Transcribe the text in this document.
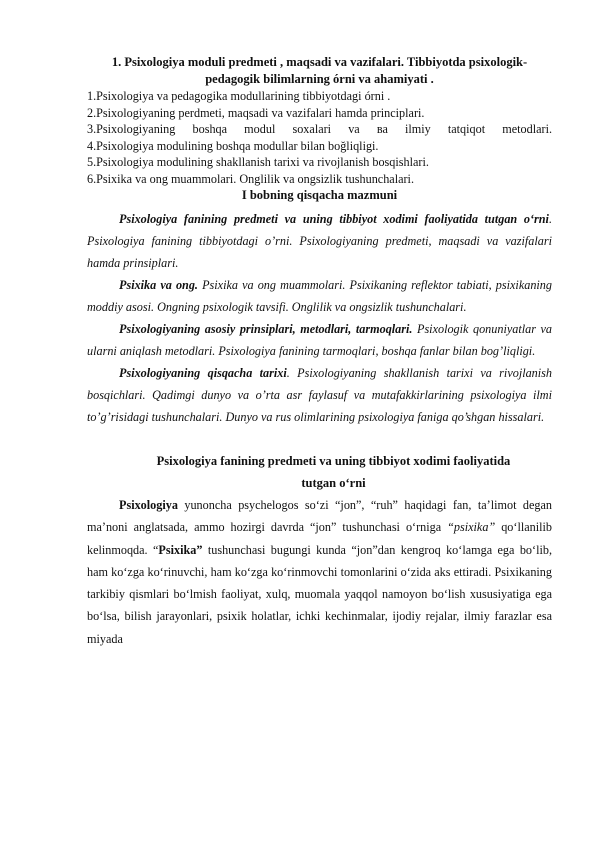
1. Psixologiya moduli predmeti , maqsadi va vazifalari. Tibbiyotda psixologik-
pedagogik bilimlarning órni va ahamiyati .

1.Psixologiya va pedagogika modullarining tibbiyotdagi órni .
2.Psixologiyaning perdmeti, maqsadi va vazifalari hamda principlari.
3.Psixologiyaning boshqa modul soxalari va ва ilmiy tatqiqot metodlari.
4.Psixologiya modulining boshqa modullar bilan boğliqligi.
5.Psixologiya modulining shakllanish tarixi va rivojlanish bosqishlari.
6.Psixika va ong muammolari. Onglilik va ongsizlik tushunchalari.

I bobning qisqacha mazmuni

Psixologiya fanining predmeti va uning tibbiyot xodimi faoliyatida tutgan o‘rni. Psixologiya fanining tibbiyotdagi o’rni. Psixologiyaning predmeti, maqsadi va vazifalari hamda prinsiplari.

Psixika va ong. Psixika va ong muammolari. Psixikaning reflektor tabiati, psixikaning moddiy asosi. Ongning psixologik tavsifi. Onglilik va ongsizlik tushunchalari.

Psixologiyaning asosiy prinsiplari, metodlari, tarmoqlari. Psixologik qonuniyatlar va ularni aniqlash metodlari. Psixologiya fanining tarmoqlari, boshqa fanlar bilan bog’liqligi.

Psixologiyaning qisqacha tarixi. Psixologiyaning shakllanish tarixi va rivojlanish bosqichlari. Qadimgi dunyo va o’rta asr faylasuf va mutafakkirlarining psixologiya ilmi to’g’risidagi tushunchalari. Dunyo va rus olimlarining psixologiya faniga qo’shgan hissalari.

Psixologiya fanining predmeti va uning tibbiyot xodimi faoliyatida
tutgan o‘rni

Psixologiya yunoncha psychelogos so‘zi “jon”, “ruh” haqidagi fan, ta’limot degan ma’noni anglatsada, ammo hozirgi davrda “jon” tushunchasi o‘rniga “psixika” qo‘llanilib kelinmoqda. “Psixika” tushunchasi bugungi kunda “jon”dan kengroq ko‘lamga ega bo‘lib, ham ko‘zga ko‘rinuvchi, ham ko‘zga ko‘rinmovchi tomonlarini o‘zida aks ettiradi. Psixikaning tarkibiy qismlari bo‘lmish faoliyat, xulq, muomala yaqqol namoyon bo‘lish xususiyatiga ega bo‘lsa, bilish jarayonlari, psixik holatlar, ichki kechinmalar, ijodiy rejalar, ilmiy farazlar esa miyada
